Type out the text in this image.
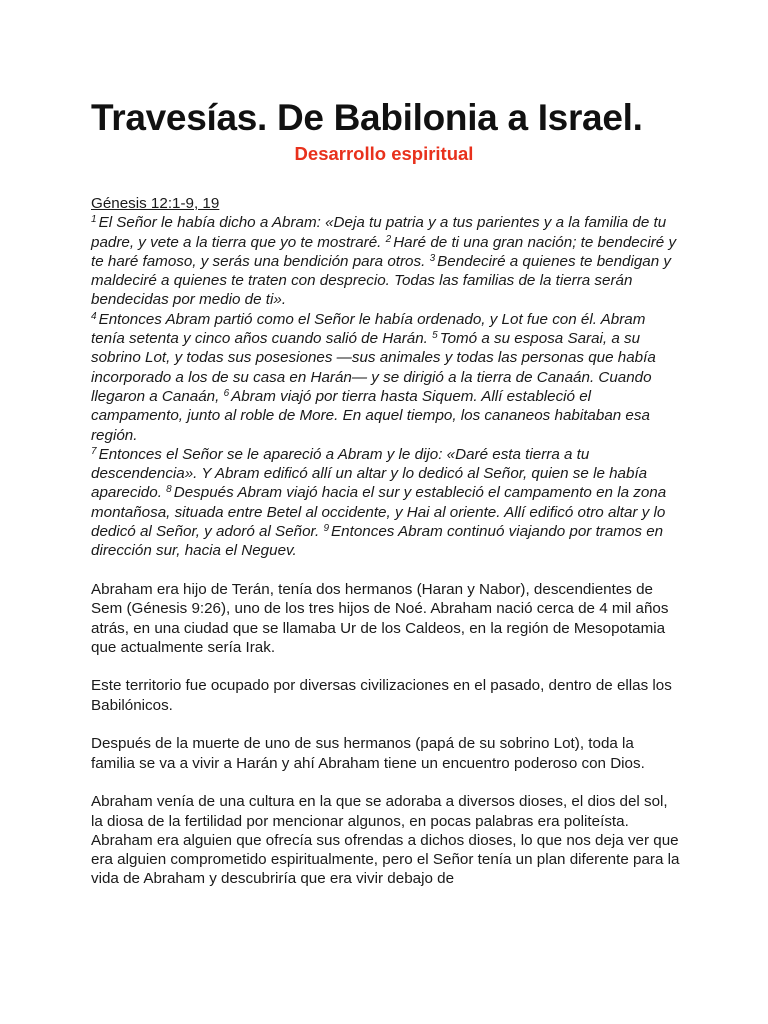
Travesías. De Babilonia a Israel.
Desarrollo espiritual

Génesis 12:1-9, 19

$^1$ El Señor le había dicho a Abram: «Deja tu patria y a tus parientes y a la familia de tu padre, y vete a la tierra que yo te mostraré. $^2$ Haré de ti una gran nación; te bendeciré y te haré famoso, y serás una bendición para otros. $^3$ Bendeciré a quienes te bendigan y maldeciré a quienes te traten con desprecio. Todas las familias de la tierra serán bendecidas por medio de ti».
$^4$ Entonces Abram partió como el Señor le había ordenado, y Lot fue con él. Abram tenía setenta y cinco años cuando salió de Harán. $^5$ Tomó a su esposa Sarai, a su sobrino Lot, y todas sus posesiones —sus animales y todas las personas que había incorporado a los de su casa en Harán— y se dirigió a la tierra de Canaán. Cuando llegaron a Canaán, $^6$ Abram viajó por tierra hasta Siquem. Allí estableció el campamento, junto al roble de More. En aquel tiempo, los cananeos habitaban esa región.
$^7$ Entonces el Señor se le apareció a Abram y le dijo: «Daré esta tierra a tu descendencia». Y Abram edificó allí un altar y lo dedicó al Señor, quien se le había aparecido. $^8$ Después Abram viajó hacia el sur y estableció el campamento en la zona montañosa, situada entre Betel al occidente, y Hai al oriente. Allí edificó otro altar y lo dedicó al Señor, y adoró al Señor. $^9$ Entonces Abram continuó viajando por tramos en dirección sur, hacia el Neguev.

Abraham era hijo de Terán, tenía dos hermanos (Haran y Nabor), descendientes de Sem (Génesis 9:26), uno de los tres hijos de Noé. Abraham nació cerca de 4 mil años atrás, en una ciudad que se llamaba Ur de los Caldeos, en la región de Mesopotamia que actualmente sería Irak.

Este territorio fue ocupado por diversas civilizaciones en el pasado, dentro de ellas los Babilónicos.

Después de la muerte de uno de sus hermanos (papá de su sobrino Lot), toda la familia se va a vivir a Harán y ahí Abraham tiene un encuentro poderoso con Dios.

Abraham venía de una cultura en la que se adoraba a diversos dioses, el dios del sol, la diosa de la fertilidad por mencionar algunos, en pocas palabras era politeísta. Abraham era alguien que ofrecía sus ofrendas a dichos dioses, lo que nos deja ver que era alguien comprometido espiritualmente, pero el Señor tenía un plan diferente para la vida de Abraham y descubriría que era vivir debajo de
